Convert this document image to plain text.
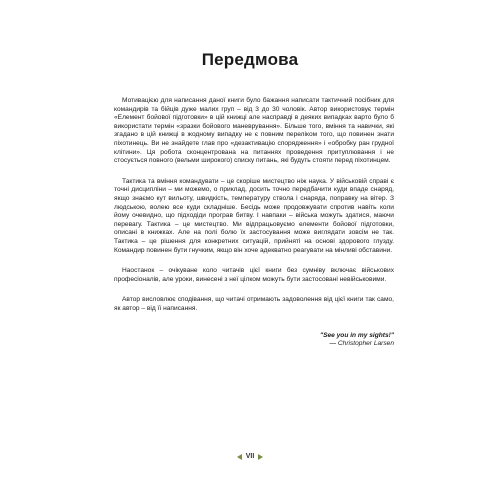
Передмова

Мотивацією для написання даної книги було бажання написати тактичний посібник для командирів та бійців дуже малих груп – від 3 до 30 чоловік. Автор використовує термін «Елемент бойової підготовки» в цій книжці але насправді в деяких випадках варто було б використати термін «зразки бойового маневрування». Більше того, вміння та навички, які згадано в цій книжці в жодному випадку не є повним переліком того, що повинен знати піхотинець. Ви не знайдете глав про «дезактивацію спорядження» і «обробку ран грудної клітини». Ця робота сконцентрована на питаннях проведення притуплювання і не стосується повного (вельми широкого) списку питань, які будуть стояти перед піхотинцем.

Тактика та вміння командувати – це скоріше мистецтво ніж наука. У військовій справі є точні дисципліни – ми можемо, о приклад, досить точно передбачити куди впаде снаряд, якщо знаємо кут вильоту, швидкість, температуру ствола і снаряда, поправку на вітер. З людською, волею все куди складніше. Бесідь може продовжувати спротив навіть коли йому очевидно, що підходіди програв битву. І навпаки – військa можуть здатися, маючи перевагу. Тактика – це мистецтво. Ми відпрацьовуємо елементи бойової підготовки, описані в книжках. Але на полі болю їх застосування може виглядати зовсім не так. Тактика – це рішення для конкретних ситуацій, прийняті на основі здорового глузду. Командир повинен бути гнучким, якщо він хоче адекватно реагувати на мінливі обставини.

Наостанок – очікуване коло читачів цієї книги без сумніву включає військових професіоналів, але уроки, винесені з неї цілком можуть бути застосовані невійськовими.

Автор висловлює сподівання, що читачі отримають задоволення від цієї книги так само, як автор – від її написання.

"See you in my sights!"
— Christopher Larsen
VII
